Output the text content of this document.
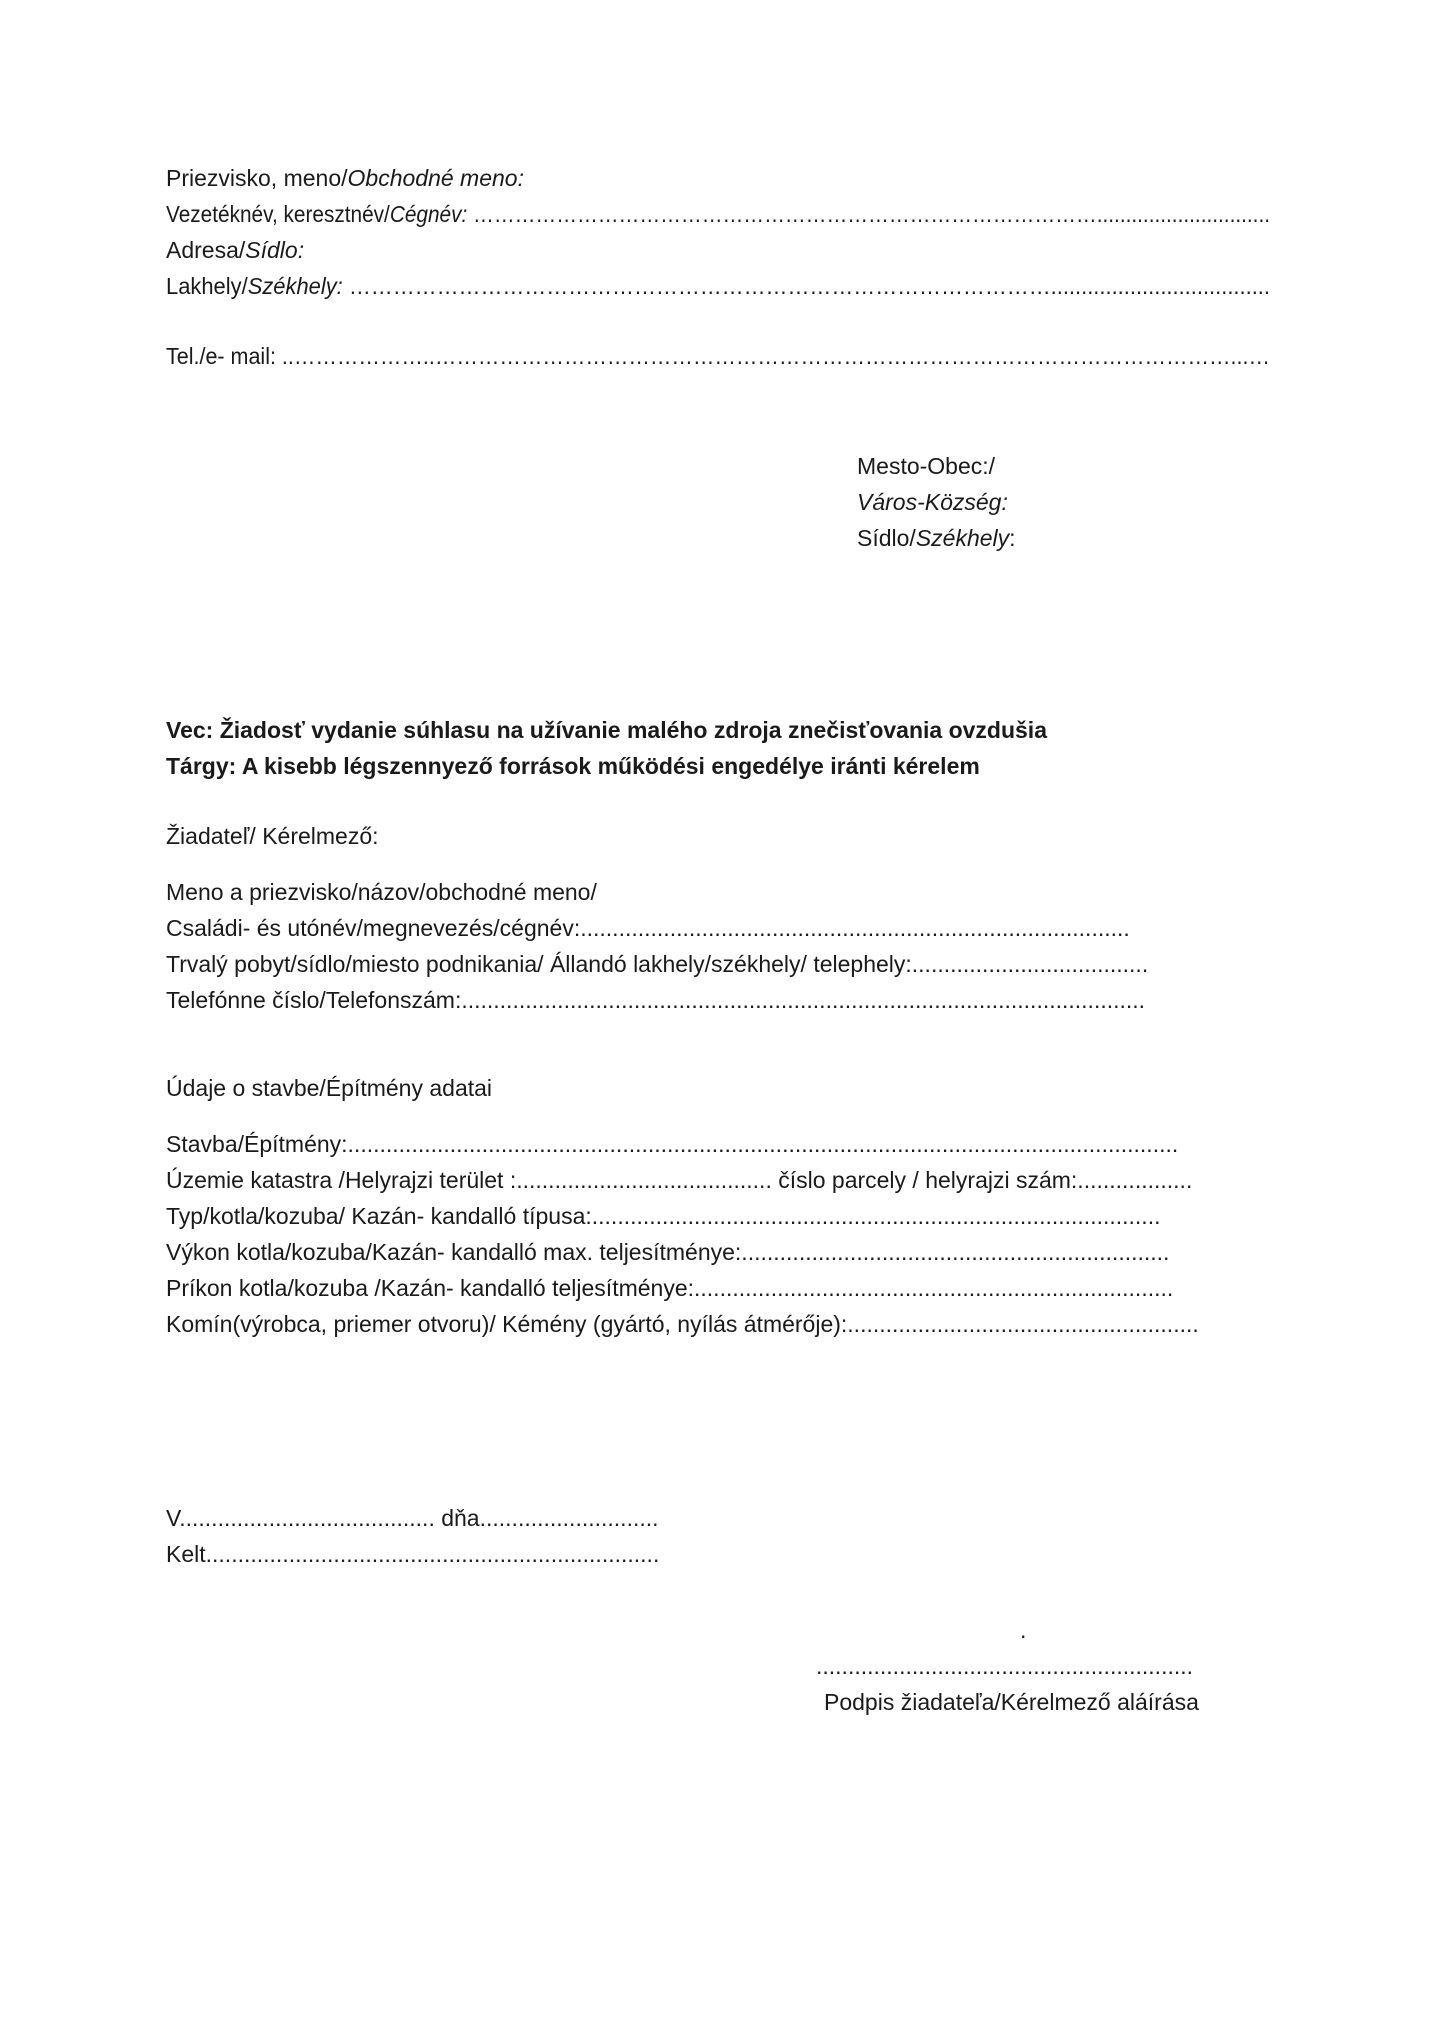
Priezvisko, meno/Obchodné meno:
Vezetéknév, keresztnév/Cégnév: ………………………………………………………………………………..............................
Adresa/Sídlo:
Lakhely/Székhely: ……………………………………………………………………………………....................................
Tel./e- mail: ..………………..…………………………………………………………………………………………………...…
Mesto-Obec:/
Város-Község:
Sídlo/Székhely:
Vec: Žiadosť vydanie súhlasu na užívanie malého zdroja znečisťovania ovzdušia
Tárgy: A kisebb légszennyező források működési engedélye iránti kérelem
Žiadateľ/ Kérelmező:
Meno a priezvisko/názov/obchodné meno/
Családi- és utónév/megnevezés/cégnév:......................................................................................
Trvalý pobyt/sídlo/miesto podnikania/ Állandó lakhely/székhely/ telephely:.....................................
Telefónne číslo/Telefonszám:...........................................................................................................
Údaje o stavbe/Építmény adatai
Stavba/Építmény:..................................................................................................................................
Územie katastra /Helyrajzi terület :........................................ číslo parcely / helyrajzi szám:..................
Typ/kotla/kozuba/ Kazán- kandalló típusa:.........................................................................................
Výkon kotla/kozuba/Kazán- kandalló max. teljesítménye:...................................................................
Príkon kotla/kozuba /Kazán- kandalló teljesítménye:...........................................................................
Komín(výrobca, priemer otvoru)/ Kémény (gyártó, nyílás átmérője):.......................................................
V........................................ dňa............................
Kelt.......................................................................
.
...........................................................
Podpis žiadateľa/Kérelmező aláírása
